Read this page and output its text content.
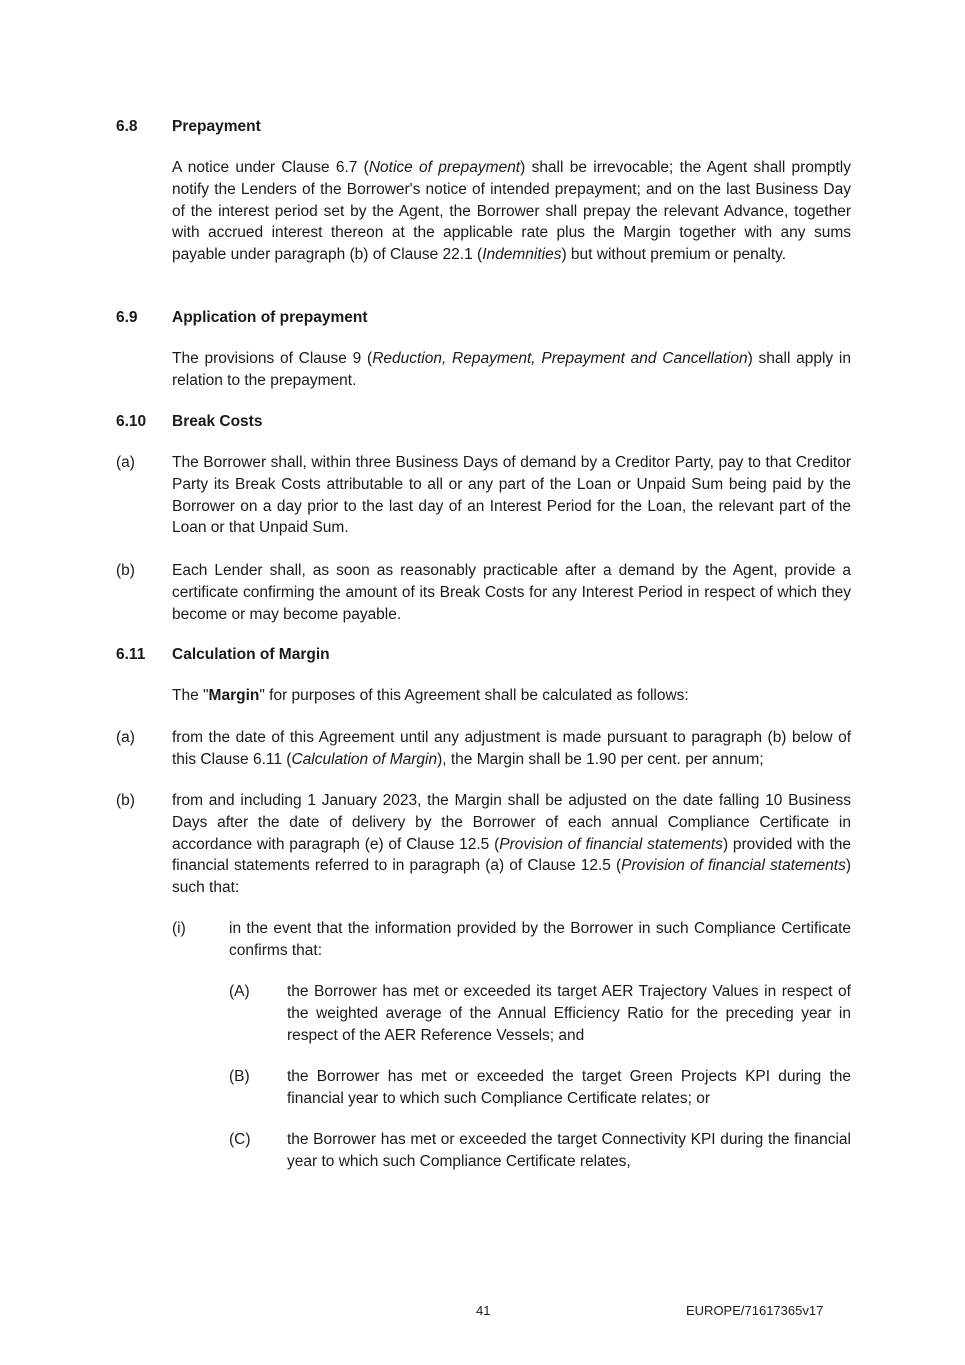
6.8	Prepayment
A notice under Clause 6.7 (Notice of prepayment) shall be irrevocable; the Agent shall promptly notify the Lenders of the Borrower's notice of intended prepayment; and on the last Business Day of the interest period set by the Agent, the Borrower shall prepay the relevant Advance, together with accrued interest thereon at the applicable rate plus the Margin together with any sums payable under paragraph (b) of Clause 22.1 (Indemnities) but without premium or penalty.
6.9	Application of prepayment
The provisions of Clause 9 (Reduction, Repayment, Prepayment and Cancellation) shall apply in relation to the prepayment.
6.10	Break Costs
(a) The Borrower shall, within three Business Days of demand by a Creditor Party, pay to that Creditor Party its Break Costs attributable to all or any part of the Loan or Unpaid Sum being paid by the Borrower on a day prior to the last day of an Interest Period for the Loan, the relevant part of the Loan or that Unpaid Sum.
(b) Each Lender shall, as soon as reasonably practicable after a demand by the Agent, provide a certificate confirming the amount of its Break Costs for any Interest Period in respect of which they become or may become payable.
6.11	Calculation of Margin
The "Margin" for purposes of this Agreement shall be calculated as follows:
(a) from the date of this Agreement until any adjustment is made pursuant to paragraph (b) below of this Clause 6.11 (Calculation of Margin), the Margin shall be 1.90 per cent. per annum;
(b) from and including 1 January 2023, the Margin shall be adjusted on the date falling 10 Business Days after the date of delivery by the Borrower of each annual Compliance Certificate in accordance with paragraph (e) of Clause 12.5 (Provision of financial statements) provided with the financial statements referred to in paragraph (a) of Clause 12.5 (Provision of financial statements) such that:
(i)	in the event that the information provided by the Borrower in such Compliance Certificate confirms that:
(A) the Borrower has met or exceeded its target AER Trajectory Values in respect of the weighted average of the Annual Efficiency Ratio for the preceding year in respect of the AER Reference Vessels; and
(B) the Borrower has met or exceeded the target Green Projects KPI during the financial year to which such Compliance Certificate relates; or
(C) the Borrower has met or exceeded the target Connectivity KPI during the financial year to which such Compliance Certificate relates,
41	EUROPE/71617365v17
